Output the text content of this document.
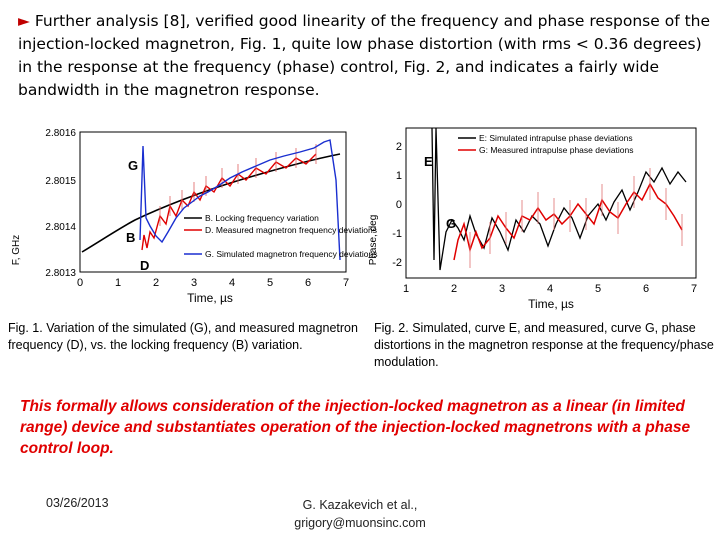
► Further analysis [8], verified good linearity of the frequency and phase response of the injection-locked magnetron, Fig. 1, quite low phase distortion (with rms < 0.36 degrees) in the response at the frequency (phase) control, Fig. 2, and indicates a fairly wide bandwidth in the magnetron response.
2.8016
2.8015
2.8014
2.8013
0	1	2	3	4	5	6	7
Time, µs
F, GHz
G
B
D
B. Locking frequency variation
D. Measured magnetron frequency deviations
G. Simulated magnetron frequency deviations
2
1
0
-1
-2
1	2	3	4	5	6	7
Time, µs
Phase, deg
E
G
E: Simulated intrapulse phase deviations
G: Measured intrapulse phase deviations
Fig. 1. Variation of the simulated (G), and measured magnetron frequency (D), vs. the locking frequency (B) variation.
Fig. 2. Simulated, curve E, and measured, curve G, phase distortions in the magnetron response at the frequency/phase modulation.
This formally allows consideration of the injection-locked magnetron as a linear (in limited range) device and substantiates operation of the injection-locked magnetrons with a phase control loop.
03/26/2013	G. Kazakevich et al.,
grigory@muonsinc.com
